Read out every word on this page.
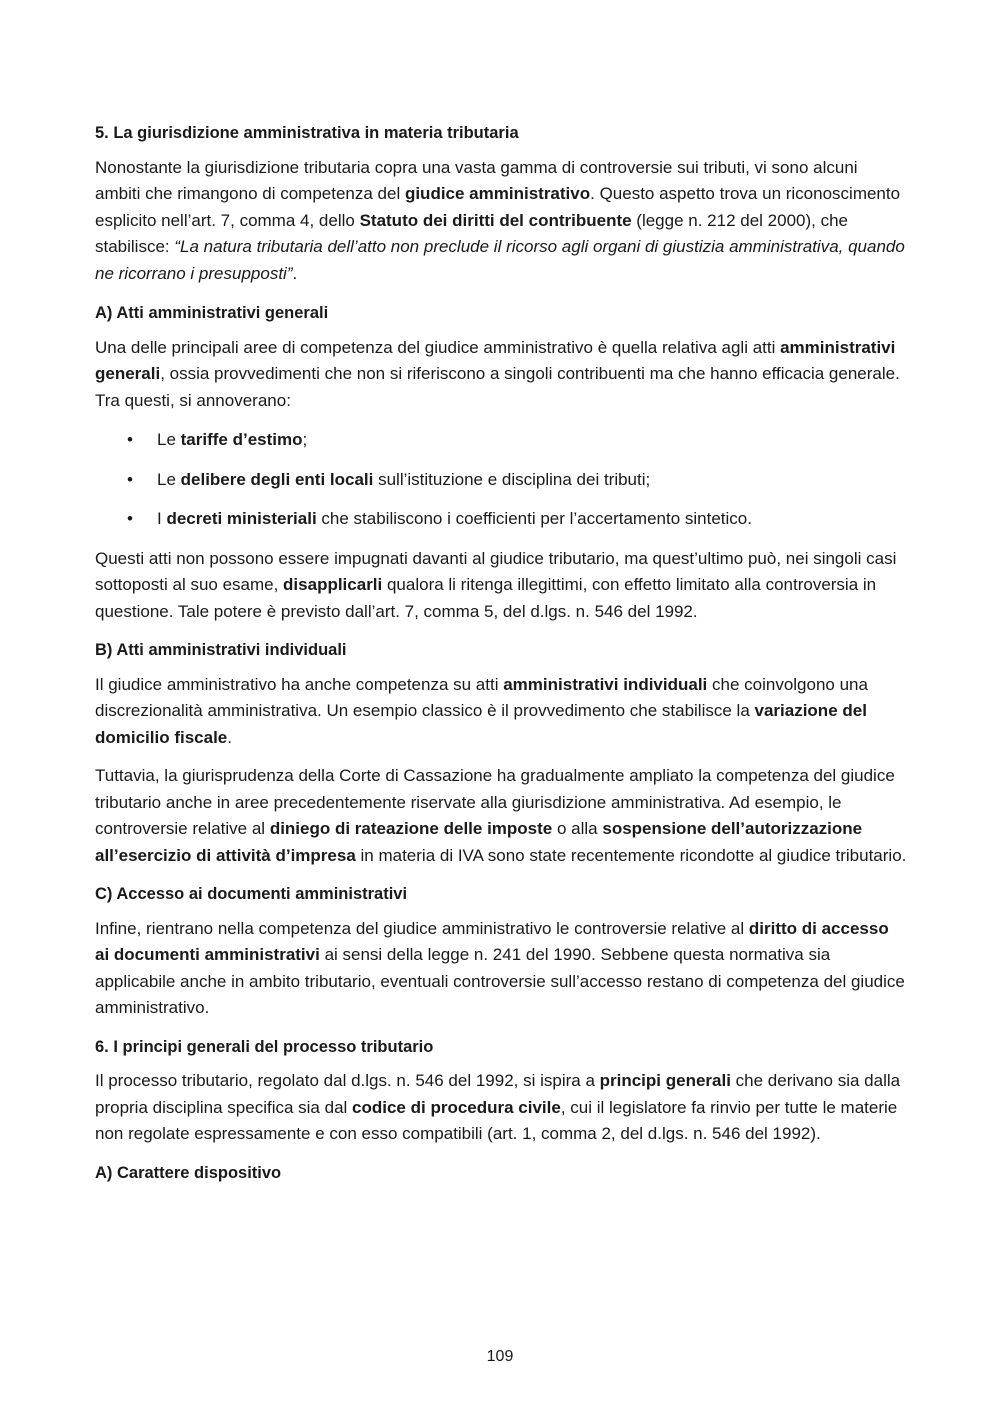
5. La giurisdizione amministrativa in materia tributaria

Nonostante la giurisdizione tributaria copra una vasta gamma di controversie sui tributi, vi sono alcuni ambiti che rimangono di competenza del giudice amministrativo. Questo aspetto trova un riconoscimento esplicito nell’art. 7, comma 4, dello Statuto dei diritti del contribuente (legge n. 212 del 2000), che stabilisce: “La natura tributaria dell’atto non preclude il ricorso agli organi di giustizia amministrativa, quando ne ricorrano i presupposti”.

A) Atti amministrativi generali

Una delle principali aree di competenza del giudice amministrativo è quella relativa agli atti amministrativi generali, ossia provvedimenti che non si riferiscono a singoli contribuenti ma che hanno efficacia generale. Tra questi, si annoverano:

• Le tariffe d’estimo;
• Le delibere degli enti locali sull’istituzione e disciplina dei tributi;
• I decreti ministeriali che stabiliscono i coefficienti per l’accertamento sintetico.

Questi atti non possono essere impugnati davanti al giudice tributario, ma quest’ultimo può, nei singoli casi sottoposti al suo esame, disapplicarli qualora li ritenga illegittimi, con effetto limitato alla controversia in questione. Tale potere è previsto dall’art. 7, comma 5, del d.lgs. n. 546 del 1992.

B) Atti amministrativi individuali

Il giudice amministrativo ha anche competenza su atti amministrativi individuali che coinvolgono una discrezionalità amministrativa. Un esempio classico è il provvedimento che stabilisce la variazione del domicilio fiscale.

Tuttavia, la giurisprudenza della Corte di Cassazione ha gradualmente ampliato la competenza del giudice tributario anche in aree precedentemente riservate alla giurisdizione amministrativa. Ad esempio, le controversie relative al diniego di rateazione delle imposte o alla sospensione dell’autorizzazione all’esercizio di attività d’impresa in materia di IVA sono state recentemente ricondotte al giudice tributario.

C) Accesso ai documenti amministrativi

Infine, rientrano nella competenza del giudice amministrativo le controversie relative al diritto di accesso ai documenti amministrativi ai sensi della legge n. 241 del 1990. Sebbene questa normativa sia applicabile anche in ambito tributario, eventuali controversie sull’accesso restano di competenza del giudice amministrativo.

6. I principi generali del processo tributario

Il processo tributario, regolato dal d.lgs. n. 546 del 1992, si ispira a principi generali che derivano sia dalla propria disciplina specifica sia dal codice di procedura civile, cui il legislatore fa rinvio per tutte le materie non regolate espressamente e con esso compatibili (art. 1, comma 2, del d.lgs. n. 546 del 1992).

A) Carattere dispositivo

109
